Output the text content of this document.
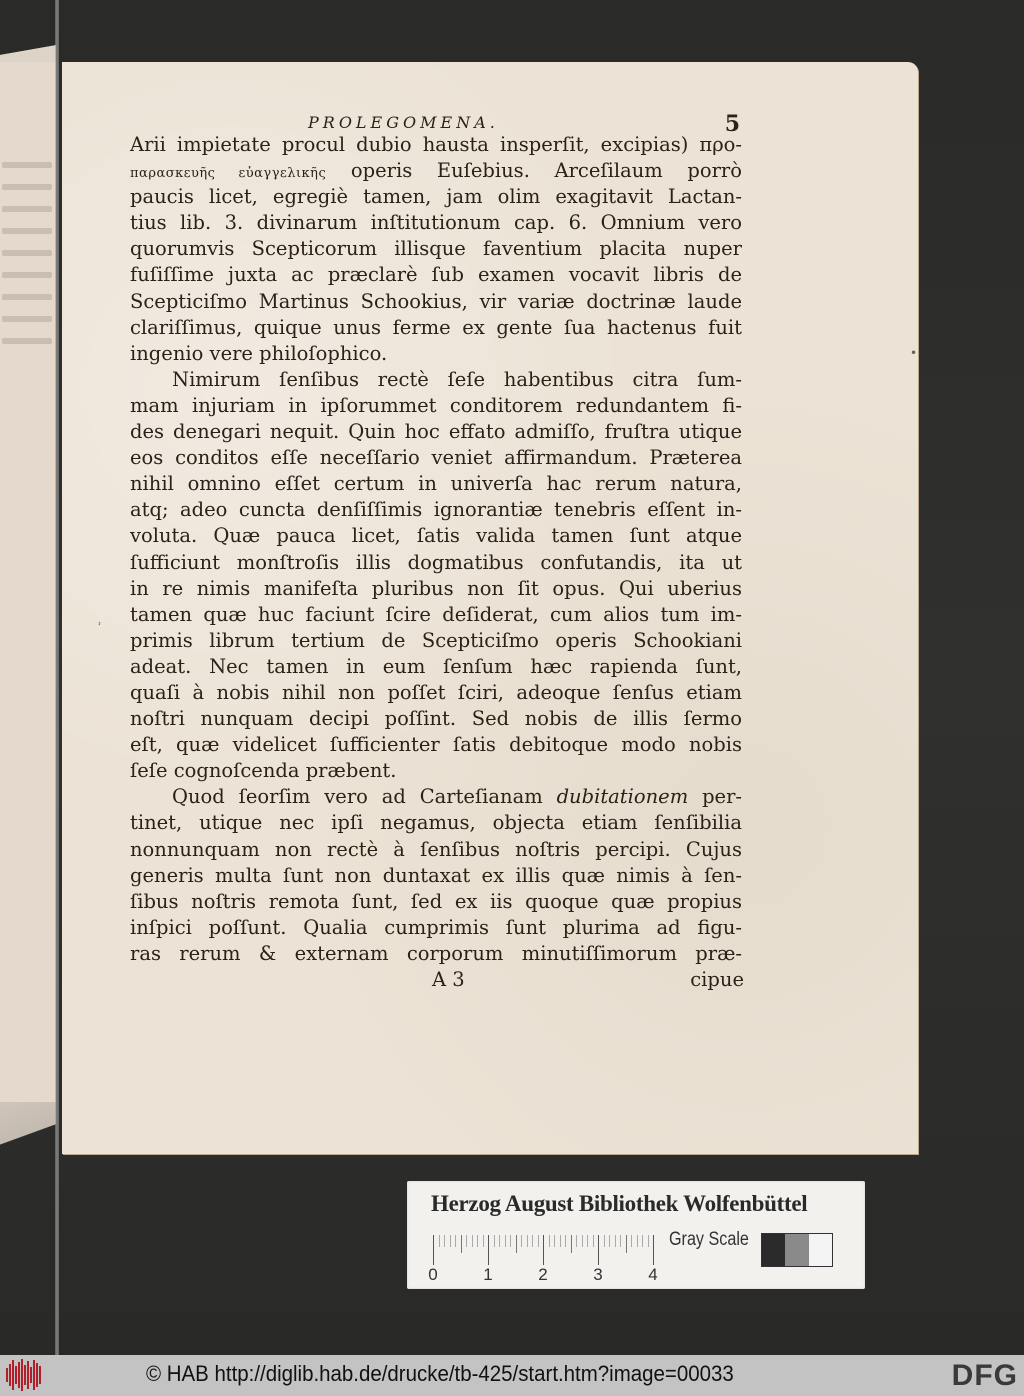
PROLEGOMENA.	5
Arii impietate procul dubio hausta insperſit, excipias) προ-
παρασκευῆς εὐαγγελικῆς operis Euſebius. Arceſilaum porrò
paucis licet, egregiè tamen, jam olim exagitavit Lactan-
tius lib. 3. divinarum inſtitutionum cap. 6. Omnium vero
quorumvis Scepticorum illisque faventium placita nuper
fuſiſſime juxta ac præclarè ſub examen vocavit libris de
Scepticiſmo Martinus Schookius, vir variæ doctrinæ laude
clariſſimus, quique unus ferme ex gente ſua hactenus fuit
ingenio vere philoſophico.
Nimirum ſenſibus rectè ſeſe habentibus citra ſum-
mam injuriam in ipſorummet conditorem redundantem fi-
des denegari nequit. Quin hoc effato admiſſo, fruſtra utique
eos conditos eſſe neceſſario veniet affirmandum. Præterea
nihil omnino eſſet certum in univerſa hac rerum natura,
atq; adeo cuncta denſiſſimis ignorantiæ tenebris eſſent in-
voluta. Quæ pauca licet, ſatis valida tamen ſunt atque
ſufficiunt monſtroſis illis dogmatibus confutandis, ita ut
in re nimis manifeſta pluribus non ſit opus. Qui uberius
tamen quæ huc faciunt ſcire deſiderat, cum alios tum im-
primis librum tertium de Scepticiſmo operis Schookiani
adeat. Nec tamen in eum ſenſum hæc rapienda ſunt,
quaſi à nobis nihil non poſſet ſciri, adeoque ſenſus etiam
noſtri nunquam decipi poſſint. Sed nobis de illis ſermo
eſt, quæ videlicet ſufficienter ſatis debitoque modo nobis
ſeſe cognoſcenda præbent.
Quod ſeorſim vero ad Carteſianam dubitationem per-
tinet, utique nec ipſi negamus, objecta etiam ſenſibilia
nonnunquam non rectè à ſenſibus noſtris percipi. Cujus
generis multa ſunt non duntaxat ex illis quæ nimis à ſen-
ſibus noſtris remota ſunt, ſed ex iis quoque quæ propius
inſpici poſſunt. Qualia cumprimis ſunt plurima ad figu-
ras rerum & externam corporum minutiſſimorum præ-
A 3	cipue
•
ʾ
Herzog August Bibliothek Wolfenbüttel
0	1	2	3	4
Gray Scale
© HAB http://diglib.hab.de/drucke/tb-425/start.htm?image=00033	DFG
